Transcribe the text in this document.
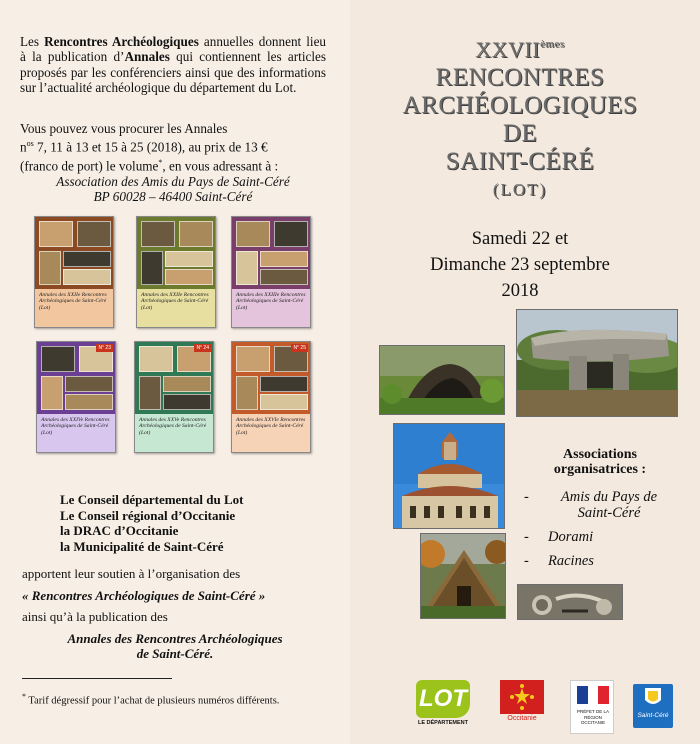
Les Rencontres Archéologiques annuelles donnent lieu à la publication d’Annales qui contiennent les articles proposés par les conférenciers ainsi que des informations sur l’actualité archéologique du département du Lot.

Vous pouvez vous procurer les Annales
$n^{os}$ 7, 11 à 13 et 15 à 25 (2018), au prix de 13 €
(franco de port) le volume*, en vous adressant à :
Association des Amis du Pays de Saint-Céré
BP 60028 – 46400 Saint-Céré

Annales des XXIIe Rencontres Archéologiques de Saint-Céré (Lot)
Annales des XXIIe Rencontres Archéologiques de Saint-Céré (Lot)
Annales des XXIIIe Rencontres Archéologiques de Saint-Céré (Lot)
N° 23
Annales des XXIVe Rencontres Archéologiques de Saint-Céré (Lot)
N° 24
Annales des XXVe Rencontres Archéologiques de Saint-Céré (Lot)
N° 25
Annales des XXVIe Rencontres Archéologiques de Saint-Céré (Lot)
Le Conseil départemental du Lot
Le Conseil régional d’Occitanie
la DRAC d’Occitanie
la Municipalité de Saint-Céré
apportent leur soutien à l’organisation des
« Rencontres Archéologiques de Saint-Céré »
ainsi qu’à la publication des
Annales des Rencontres Archéologiques
de Saint-Céré.
* Tarif dégressif pour l’achat de plusieurs numéros différents.
XXVIIèmes
RENCONTRES
ARCHÉOLOGIQUES
DE
SAINT-CÉRÉ
(LOT)
Samedi 22 et
Dimanche 23 septembre
2018
Associations
organisatrices :
- Amis du Pays de Saint-Céré
- Dorami
- Racines
LOT
LE DÉPARTEMENT
Occitanie
PRÉFET DE LA RÉGION OCCITANIE
Saint-Céré
